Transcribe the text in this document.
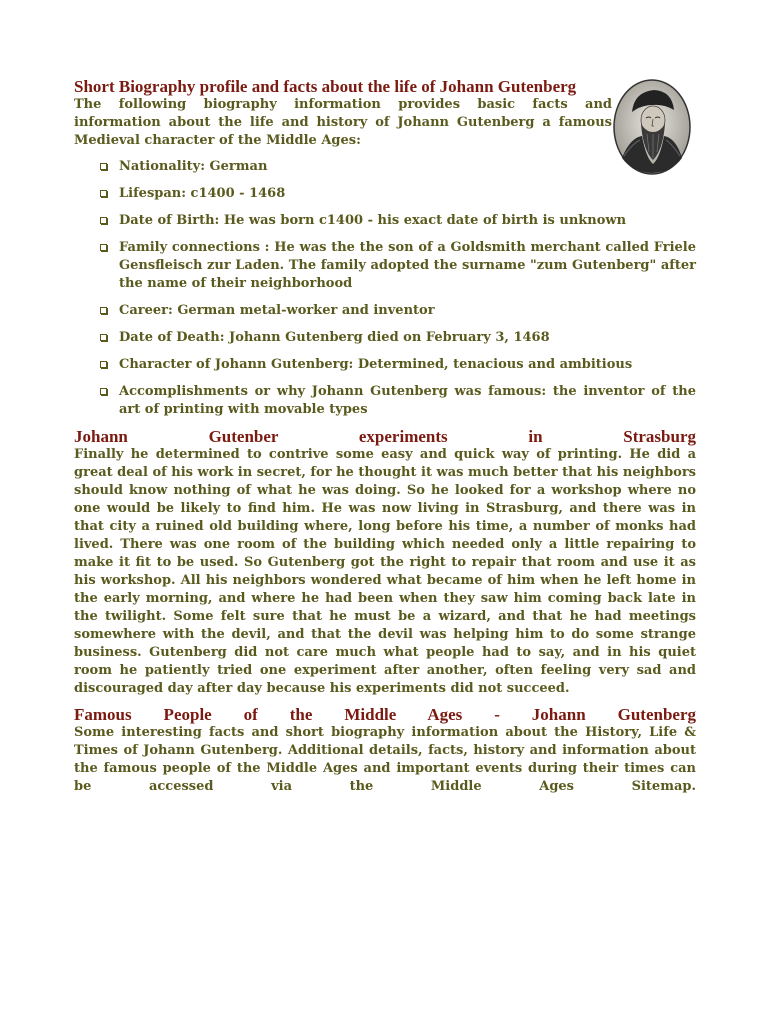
Short Biography profile and facts about the life of Johann Gutenberg

The following biography information provides basic facts and information about the life and history of Johann Gutenberg a famous Medieval character of the Middle Ages:

Nationality: German
Lifespan: c1400 - 1468
Date of Birth: He was born c1400 - his exact date of birth is unknown
Family connections : He was the the son of a Goldsmith merchant called Friele Gensfleisch zur Laden. The family adopted the surname "zum Gutenberg" after the name of their neighborhood
Career: German metal-worker and inventor
Date of Death: Johann Gutenberg died on February 3, 1468
Character of Johann Gutenberg: Determined, tenacious and ambitious
Accomplishments or why Johann Gutenberg was famous: the inventor of the art of printing with movable types
Johann Gutenber experiments in Strasburg

Finally he determined to contrive some easy and quick way of printing. He did a great deal of his work in secret, for he thought it was much better that his neighbors should know nothing of what he was doing. So he looked for a workshop where no one would be likely to find him. He was now living in Strasburg, and there was in that city a ruined old building where, long before his time, a number of monks had lived. There was one room of the building which needed only a little repairing to make it fit to be used. So Gutenberg got the right to repair that room and use it as his workshop. All his neighbors wondered what became of him when he left home in the early morning, and where he had been when they saw him coming back late in the twilight. Some felt sure that he must be a wizard, and that he had meetings somewhere with the devil, and that the devil was helping him to do some strange business. Gutenberg did not care much what people had to say, and in his quiet room he patiently tried one experiment after another, often feeling very sad and discouraged day after day because his experiments did not succeed.

Famous People of the Middle Ages - Johann Gutenberg

Some interesting facts and short biography information about the History, Life & Times of Johann Gutenberg. Additional details, facts, history and information about the famous people of the Middle Ages and important events during their times can be accessed via the Middle Ages Sitemap.
